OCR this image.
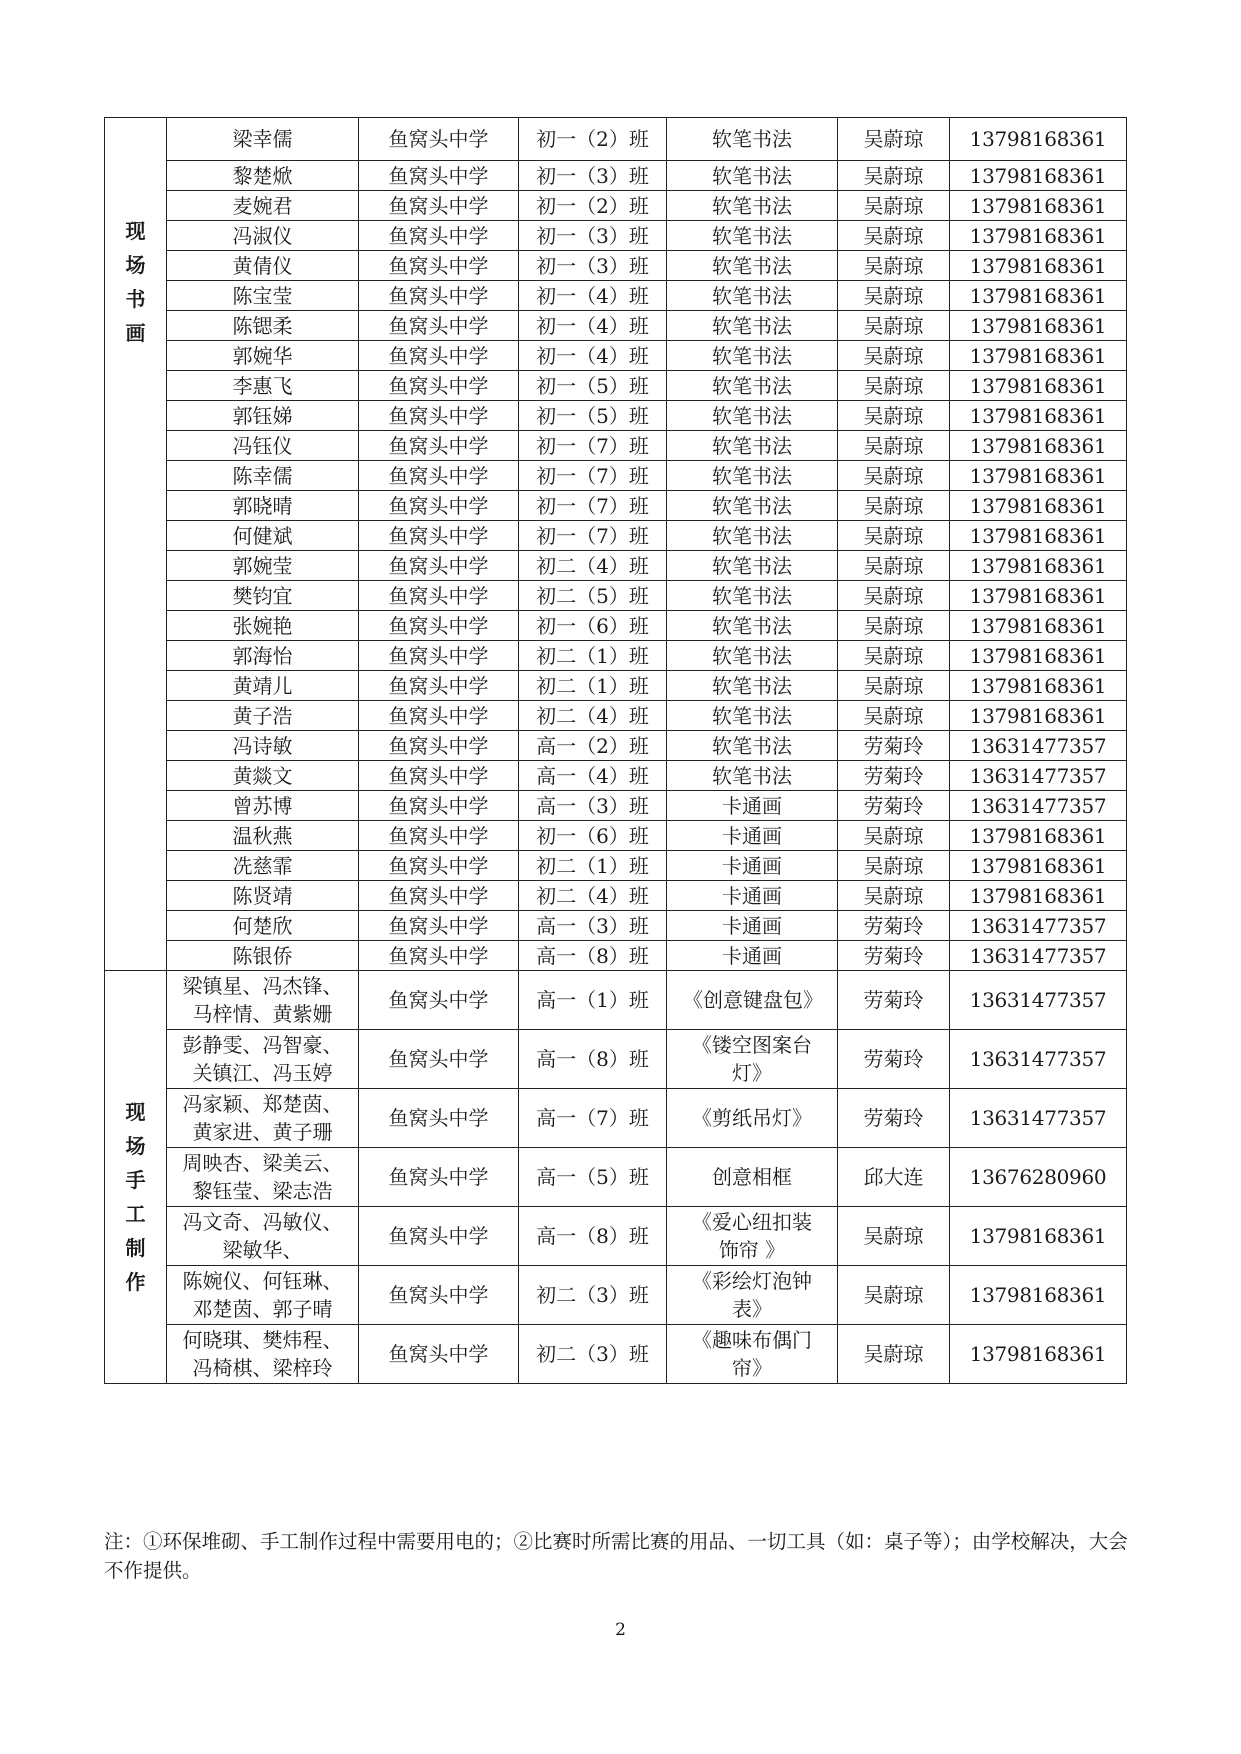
现场书画	梁幸儒	鱼窝头中学	初一（2）班	软笔书法	吴蔚琼	13798168361
	黎楚焮	鱼窝头中学	初一（3）班	软笔书法	吴蔚琼	13798168361
	麦婉君	鱼窝头中学	初一（2）班	软笔书法	吴蔚琼	13798168361
	冯淑仪	鱼窝头中学	初一（3）班	软笔书法	吴蔚琼	13798168361
	黄倩仪	鱼窝头中学	初一（3）班	软笔书法	吴蔚琼	13798168361
	陈宝莹	鱼窝头中学	初一（4）班	软笔书法	吴蔚琼	13798168361
	陈锶柔	鱼窝头中学	初一（4）班	软笔书法	吴蔚琼	13798168361
	郭婉华	鱼窝头中学	初一（4）班	软笔书法	吴蔚琼	13798168361
	李惠飞	鱼窝头中学	初一（5）班	软笔书法	吴蔚琼	13798168361
	郭钰娣	鱼窝头中学	初一（5）班	软笔书法	吴蔚琼	13798168361
	冯钰仪	鱼窝头中学	初一（7）班	软笔书法	吴蔚琼	13798168361
	陈幸儒	鱼窝头中学	初一（7）班	软笔书法	吴蔚琼	13798168361
	郭晓晴	鱼窝头中学	初一（7）班	软笔书法	吴蔚琼	13798168361
	何健斌	鱼窝头中学	初一（7）班	软笔书法	吴蔚琼	13798168361
	郭婉莹	鱼窝头中学	初二（4）班	软笔书法	吴蔚琼	13798168361
	樊钧宜	鱼窝头中学	初二（5）班	软笔书法	吴蔚琼	13798168361
	张婉艳	鱼窝头中学	初一（6）班	软笔书法	吴蔚琼	13798168361
	郭海怡	鱼窝头中学	初二（1）班	软笔书法	吴蔚琼	13798168361
	黄靖儿	鱼窝头中学	初二（1）班	软笔书法	吴蔚琼	13798168361
	黄子浩	鱼窝头中学	初二（4）班	软笔书法	吴蔚琼	13798168361
	冯诗敏	鱼窝头中学	高一（2）班	软笔书法	劳菊玲	13631477357
	黄燚文	鱼窝头中学	高一（4）班	软笔书法	劳菊玲	13631477357
	曾苏博	鱼窝头中学	高一（3）班	卡通画	劳菊玲	13631477357
	温秋燕	鱼窝头中学	初一（6）班	卡通画	吴蔚琼	13798168361
	冼慈霏	鱼窝头中学	初二（1）班	卡通画	吴蔚琼	13798168361
	陈贤靖	鱼窝头中学	初二（4）班	卡通画	吴蔚琼	13798168361
	何楚欣	鱼窝头中学	高一（3）班	卡通画	劳菊玲	13631477357
	陈银侨	鱼窝头中学	高一（8）班	卡通画	劳菊玲	13631477357

现场手工制作	梁镇星、冯杰锋、马梓情、黄紫姗	鱼窝头中学	高一（1）班	《创意键盘包》	劳菊玲	13631477357
	彭静雯、冯智豪、关镇江、冯玉婷	鱼窝头中学	高一（8）班	《镂空图案台灯》	劳菊玲	13631477357
	冯家颖、郑楚茵、黄家进、黄子珊	鱼窝头中学	高一（7）班	《剪纸吊灯》	劳菊玲	13631477357
	周映杏、梁美云、黎钰莹、梁志浩	鱼窝头中学	高一（5）班	创意相框	邱大连	13676280960
	冯文奇、冯敏仪、梁敏华、	鱼窝头中学	高一（8）班	《爱心纽扣装饰帘 》	吴蔚琼	13798168361
	陈婉仪、何钰琳、邓楚茵、郭子晴	鱼窝头中学	初二（3）班	《彩绘灯泡钟表》	吴蔚琼	13798168361
	何晓琪、樊炜程、冯椅棋、梁梓玲	鱼窝头中学	初二（3）班	《趣味布偶门帘》	吴蔚琼	13798168361
注：①环保堆砌、手工制作过程中需要用电的；②比赛时所需比赛的用品、一切工具（如：桌子等）；由学校解决，大会不作提供。
2
